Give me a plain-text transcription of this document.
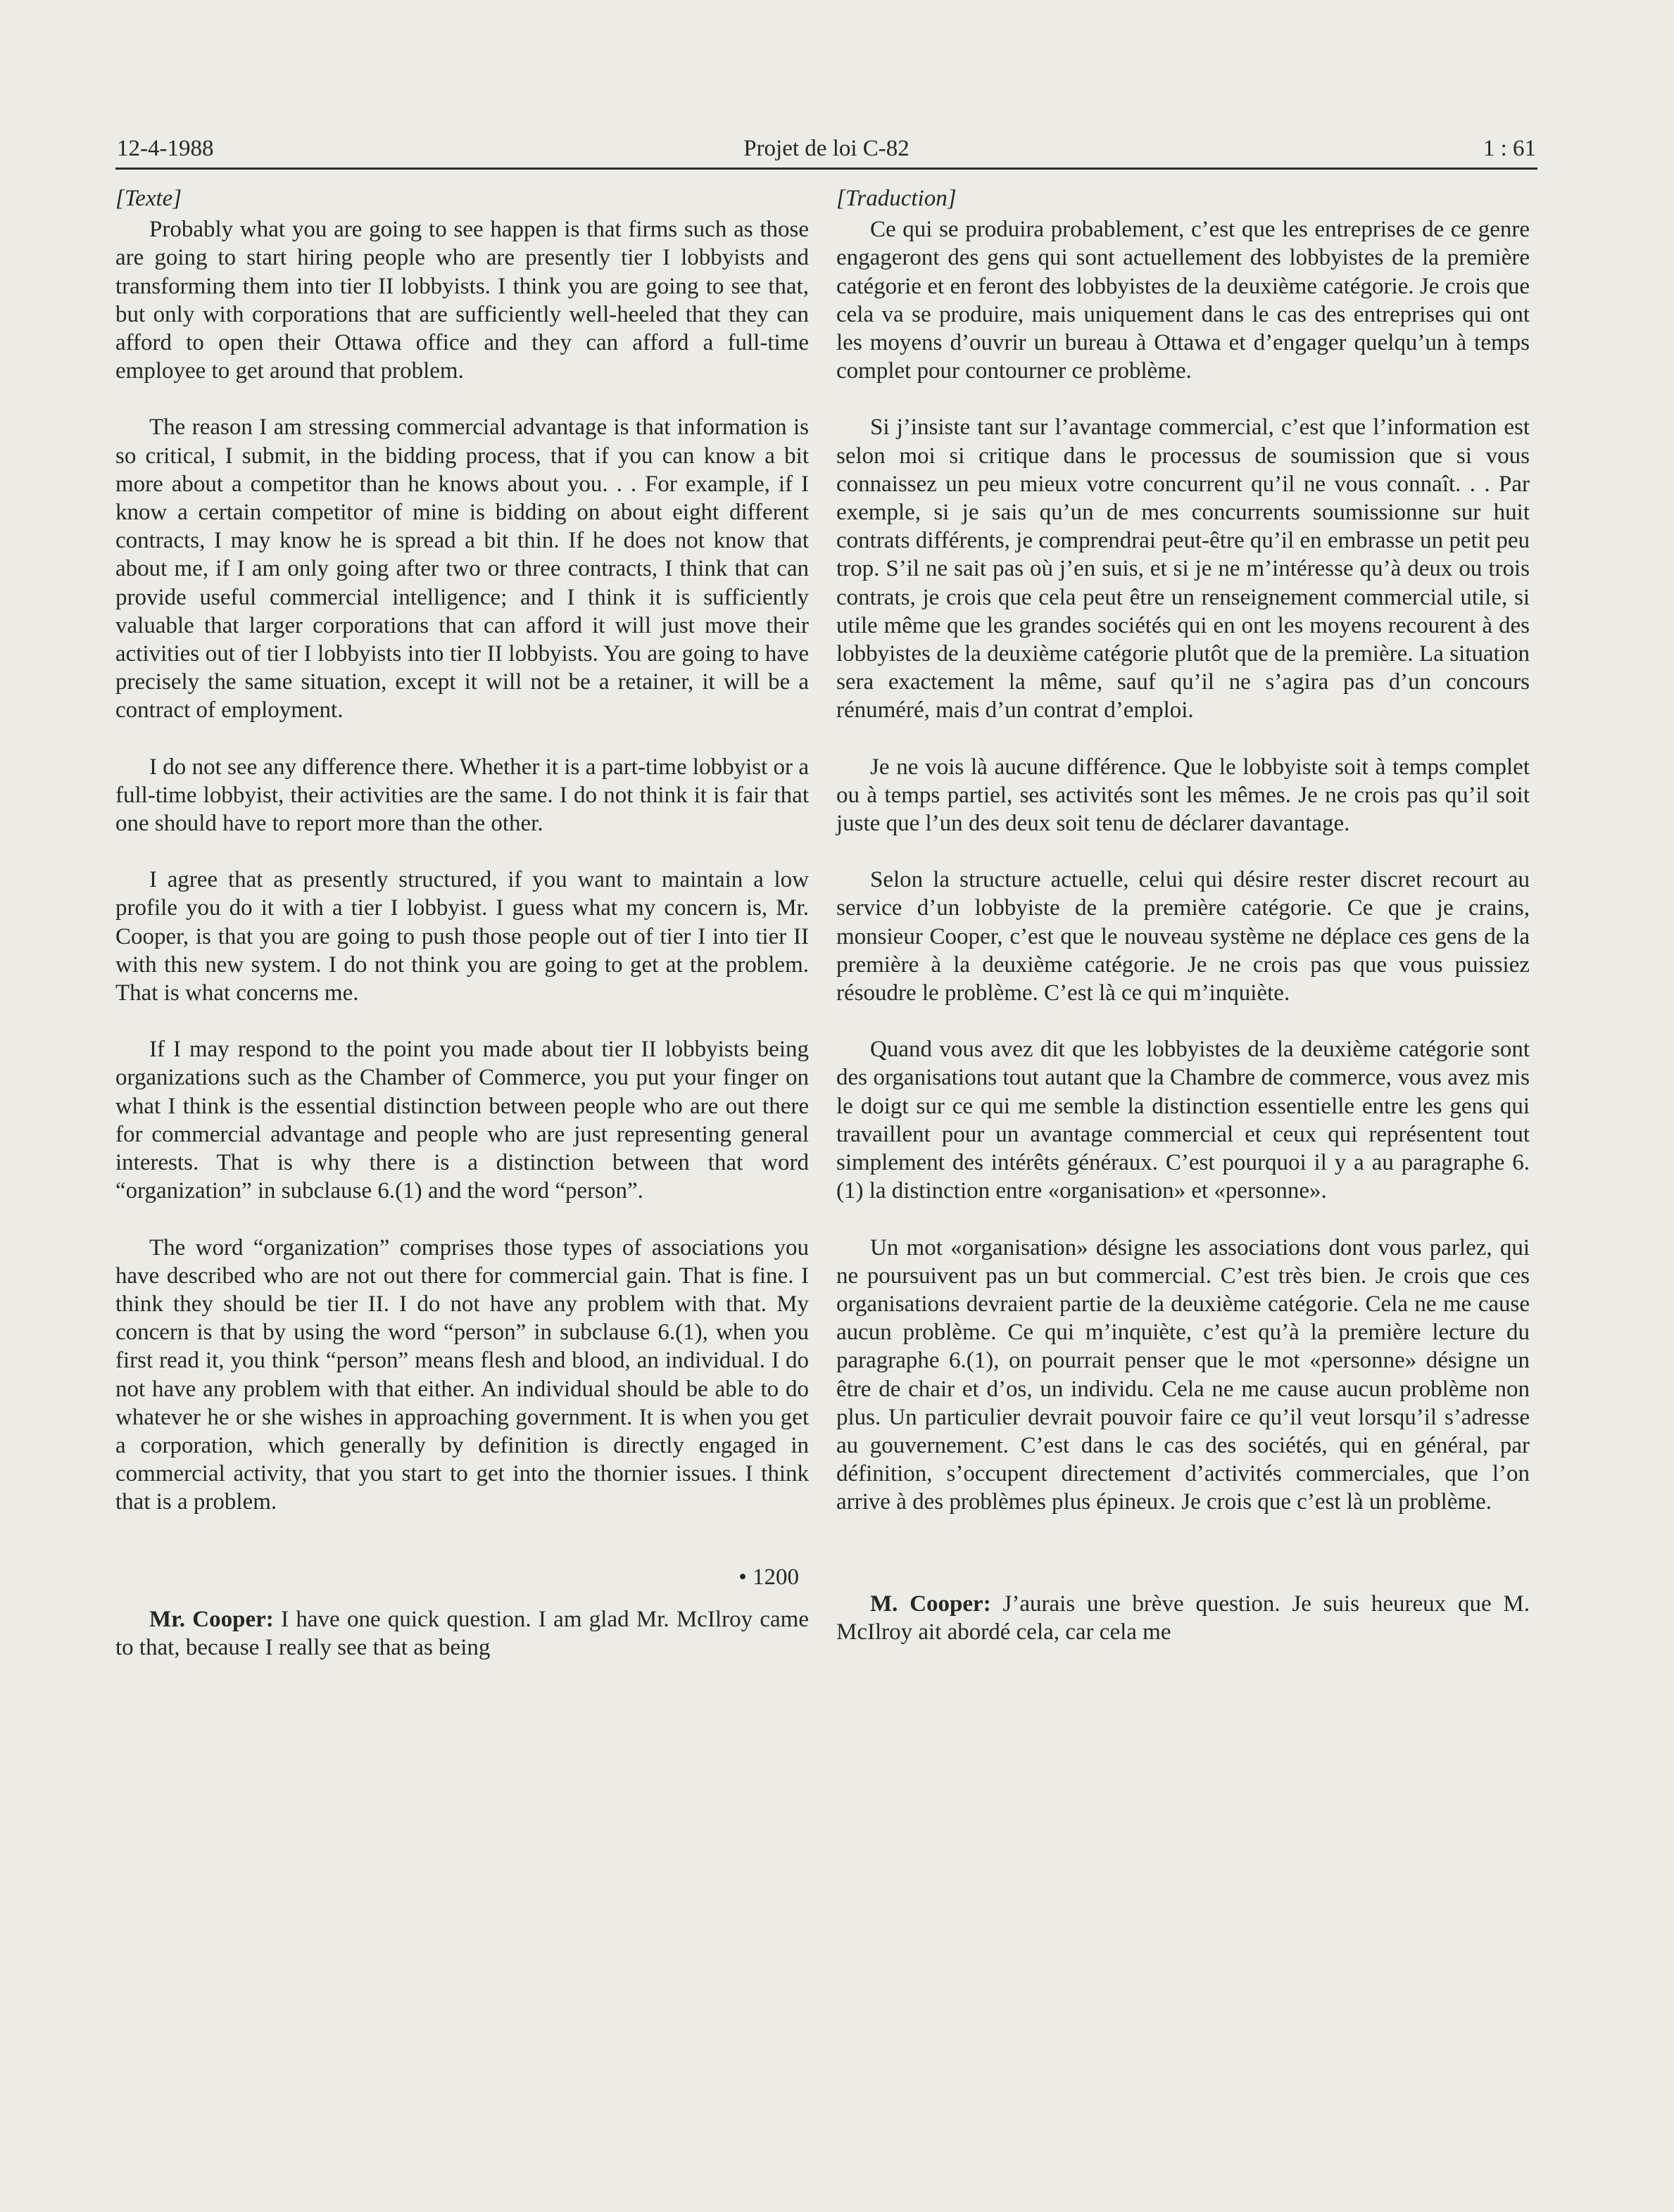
Projet de loi C-82
12-4-1988	1 : 61
[Texte]

Probably what you are going to see happen is that firms such as those are going to start hiring people who are presently tier I lobbyists and transforming them into tier II lobbyists. I think you are going to see that, but only with corporations that are sufficiently well-heeled that they can afford to open their Ottawa office and they can afford a full-time employee to get around that problem.

The reason I am stressing commercial advantage is that information is so critical, I submit, in the bidding process, that if you can know a bit more about a competitor than he knows about you. . . For example, if I know a certain competitor of mine is bidding on about eight different contracts, I may know he is spread a bit thin. If he does not know that about me, if I am only going after two or three contracts, I think that can provide useful commercial intelligence; and I think it is sufficiently valuable that larger corporations that can afford it will just move their activities out of tier I lobbyists into tier II lobbyists. You are going to have precisely the same situation, except it will not be a retainer, it will be a contract of employment.

I do not see any difference there. Whether it is a part-time lobbyist or a full-time lobbyist, their activities are the same. I do not think it is fair that one should have to report more than the other.

I agree that as presently structured, if you want to maintain a low profile you do it with a tier I lobbyist. I guess what my concern is, Mr. Cooper, is that you are going to push those people out of tier I into tier II with this new system. I do not think you are going to get at the problem. That is what concerns me.

If I may respond to the point you made about tier II lobbyists being organizations such as the Chamber of Commerce, you put your finger on what I think is the essential distinction between people who are out there for commercial advantage and people who are just representing general interests. That is why there is a distinction between that word “organization” in subclause 6.(1) and the word “person”.

The word “organization” comprises those types of associations you have described who are not out there for commercial gain. That is fine. I think they should be tier II. I do not have any problem with that. My concern is that by using the word “person” in subclause 6.(1), when you first read it, you think “person” means flesh and blood, an individual. I do not have any problem with that either. An individual should be able to do whatever he or she wishes in approaching government. It is when you get a corporation, which generally by definition is directly engaged in commercial activity, that you start to get into the thornier issues. I think that is a problem.

• 1200

Mr. Cooper: I have one quick question. I am glad Mr. McIlroy came to that, because I really see that as being

[Traduction]

Ce qui se produira probablement, c’est que les entreprises de ce genre engageront des gens qui sont actuellement des lobbyistes de la première catégorie et en feront des lobbyistes de la deuxième catégorie. Je crois que cela va se produire, mais uniquement dans le cas des entreprises qui ont les moyens d’ouvrir un bureau à Ottawa et d’engager quelqu’un à temps complet pour contourner ce problème.

Si j’insiste tant sur l’avantage commercial, c’est que l’information est selon moi si critique dans le processus de soumission que si vous connaissez un peu mieux votre concurrent qu’il ne vous connaît. . . Par exemple, si je sais qu’un de mes concurrents soumissionne sur huit contrats différents, je comprendrai peut-être qu’il en embrasse un petit peu trop. S’il ne sait pas où j’en suis, et si je ne m’intéresse qu’à deux ou trois contrats, je crois que cela peut être un renseignement commercial utile, si utile même que les grandes sociétés qui en ont les moyens recourent à des lobbyistes de la deuxième catégorie plutôt que de la première. La situation sera exactement la même, sauf qu’il ne s’agira pas d’un concours rénuméré, mais d’un contrat d’emploi.

Je ne vois là aucune différence. Que le lobbyiste soit à temps complet ou à temps partiel, ses activités sont les mêmes. Je ne crois pas qu’il soit juste que l’un des deux soit tenu de déclarer davantage.

Selon la structure actuelle, celui qui désire rester discret recourt au service d’un lobbyiste de la première catégorie. Ce que je crains, monsieur Cooper, c’est que le nouveau système ne déplace ces gens de la première à la deuxième catégorie. Je ne crois pas que vous puissiez résoudre le problème. C’est là ce qui m’inquiète.

Quand vous avez dit que les lobbyistes de la deuxième catégorie sont des organisations tout autant que la Chambre de commerce, vous avez mis le doigt sur ce qui me semble la distinction essentielle entre les gens qui travaillent pour un avantage commercial et ceux qui représentent tout simplement des intérêts généraux. C’est pourquoi il y a au paragraphe 6.(1) la distinction entre «organisation» et «personne».

Un mot «organisation» désigne les associations dont vous parlez, qui ne poursuivent pas un but commercial. C’est très bien. Je crois que ces organisations devraient partie de la deuxième catégorie. Cela ne me cause aucun problème. Ce qui m’inquiète, c’est qu’à la première lecture du paragraphe 6.(1), on pourrait penser que le mot «personne» désigne un être de chair et d’os, un individu. Cela ne me cause aucun problème non plus. Un particulier devrait pouvoir faire ce qu’il veut lorsqu’il s’adresse au gouvernement. C’est dans le cas des sociétés, qui en général, par définition, s’occupent directement d’activités commerciales, que l’on arrive à des problèmes plus épineux. Je crois que c’est là un problème.

M. Cooper: J’aurais une brève question. Je suis heureux que M. McIlroy ait abordé cela, car cela me
